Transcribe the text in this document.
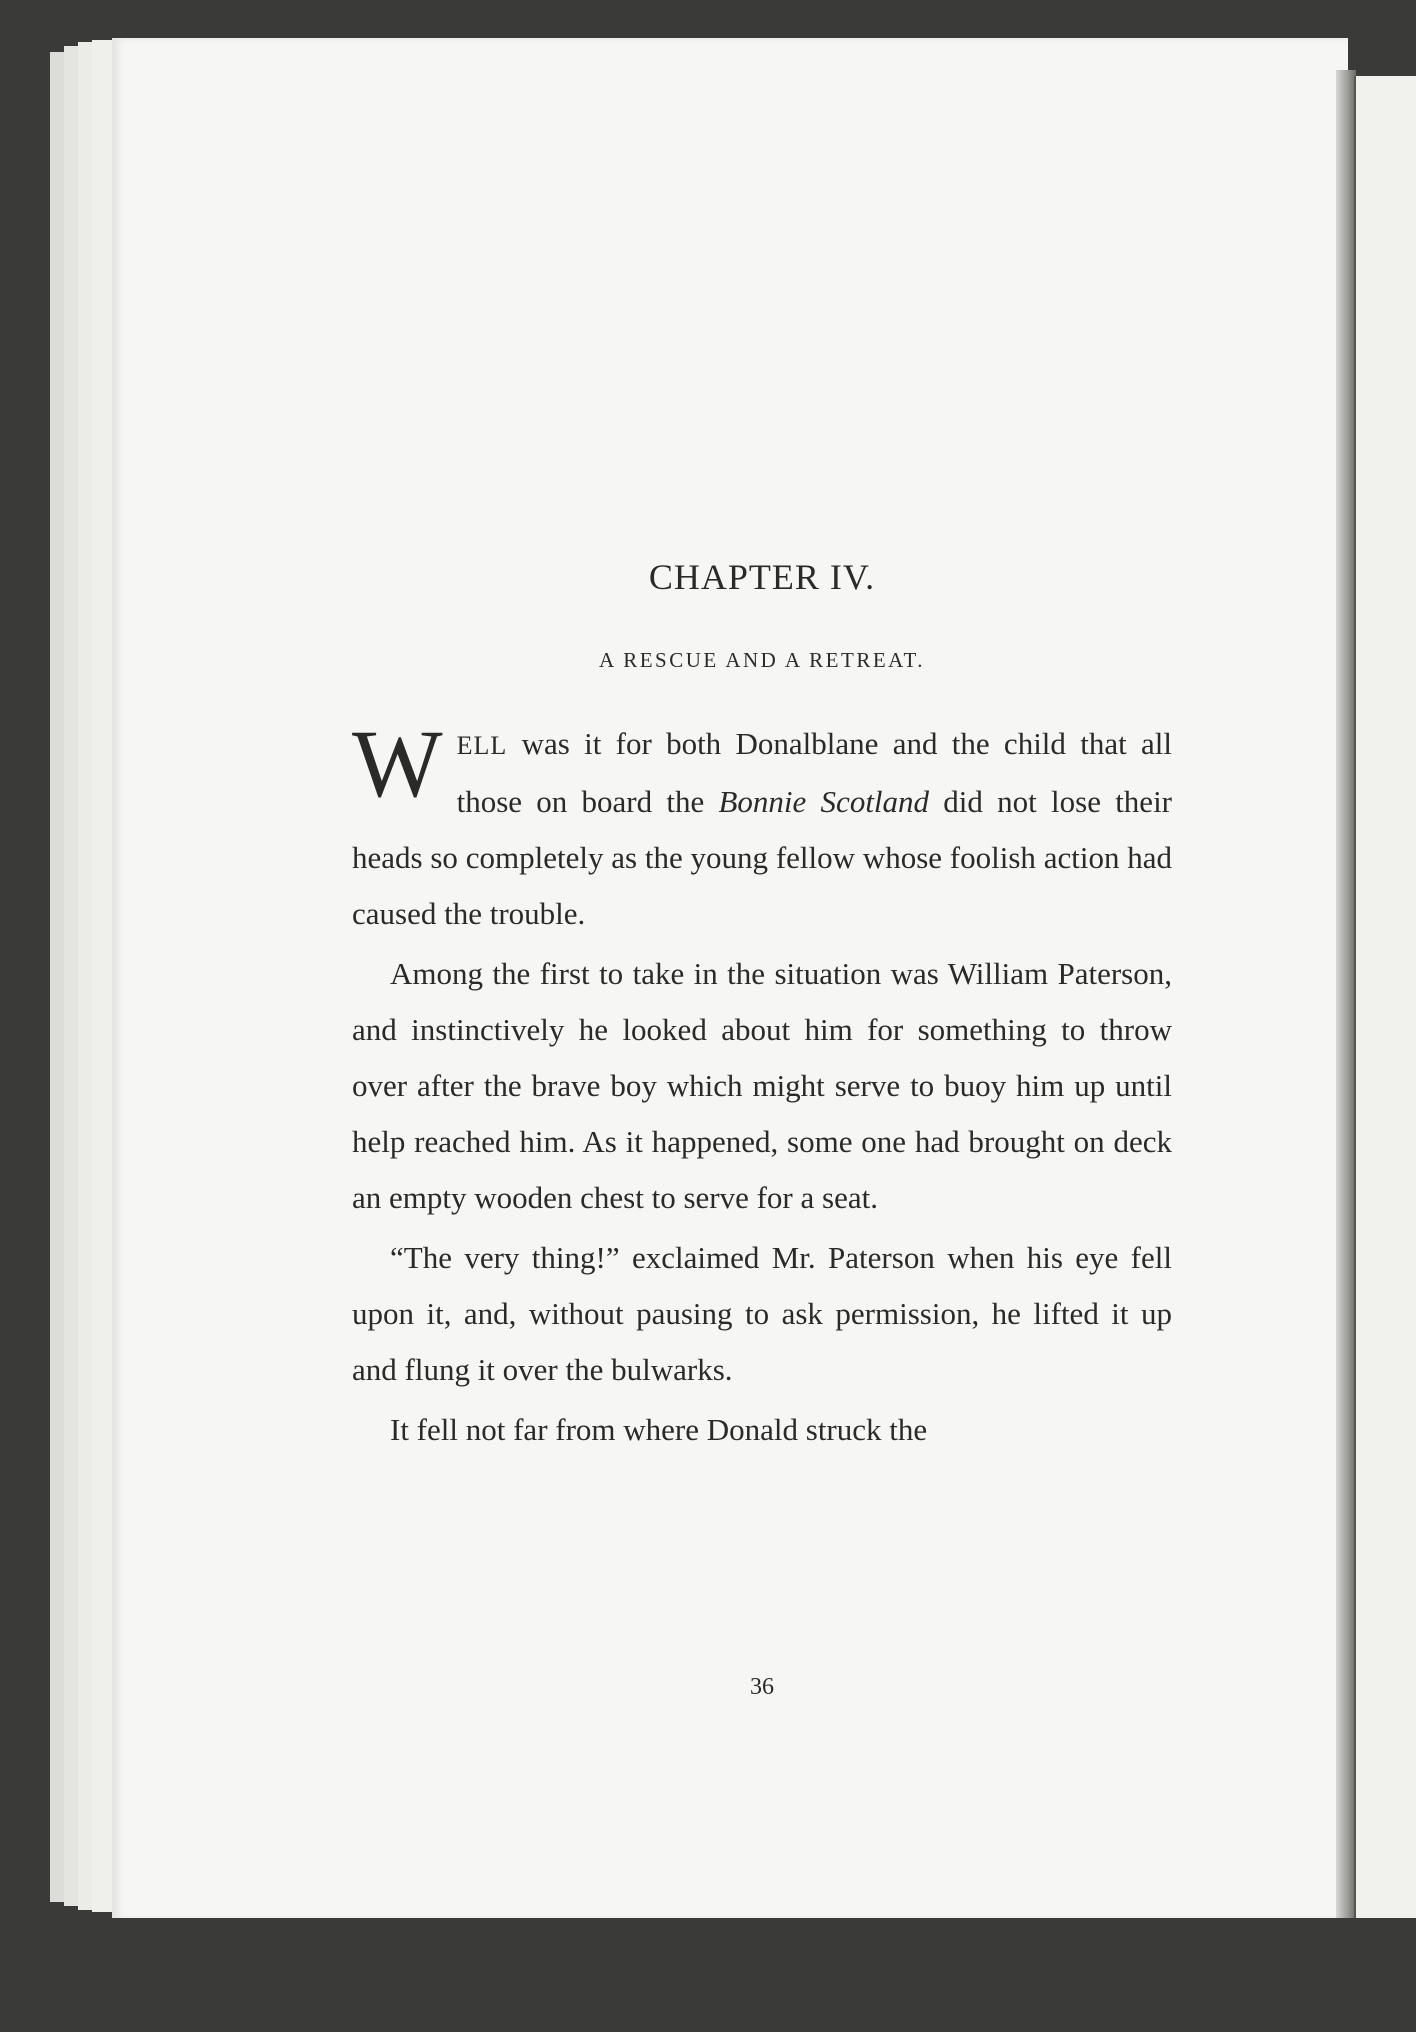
CHAPTER IV.
A RESCUE AND A RETREAT.

WELL was it for both Donalblane and the child that all those on board the Bonnie Scotland did not lose their heads so completely as the young fellow whose foolish action had caused the trouble.

Among the first to take in the situation was William Paterson, and instinctively he looked about him for something to throw over after the brave boy which might serve to buoy him up until help reached him. As it happened, some one had brought on deck an empty wooden chest to serve for a seat.

“The very thing!” exclaimed Mr. Paterson when his eye fell upon it, and, without pausing to ask permission, he lifted it up and flung it over the bulwarks.

It fell not far from where Donald struck the

36
